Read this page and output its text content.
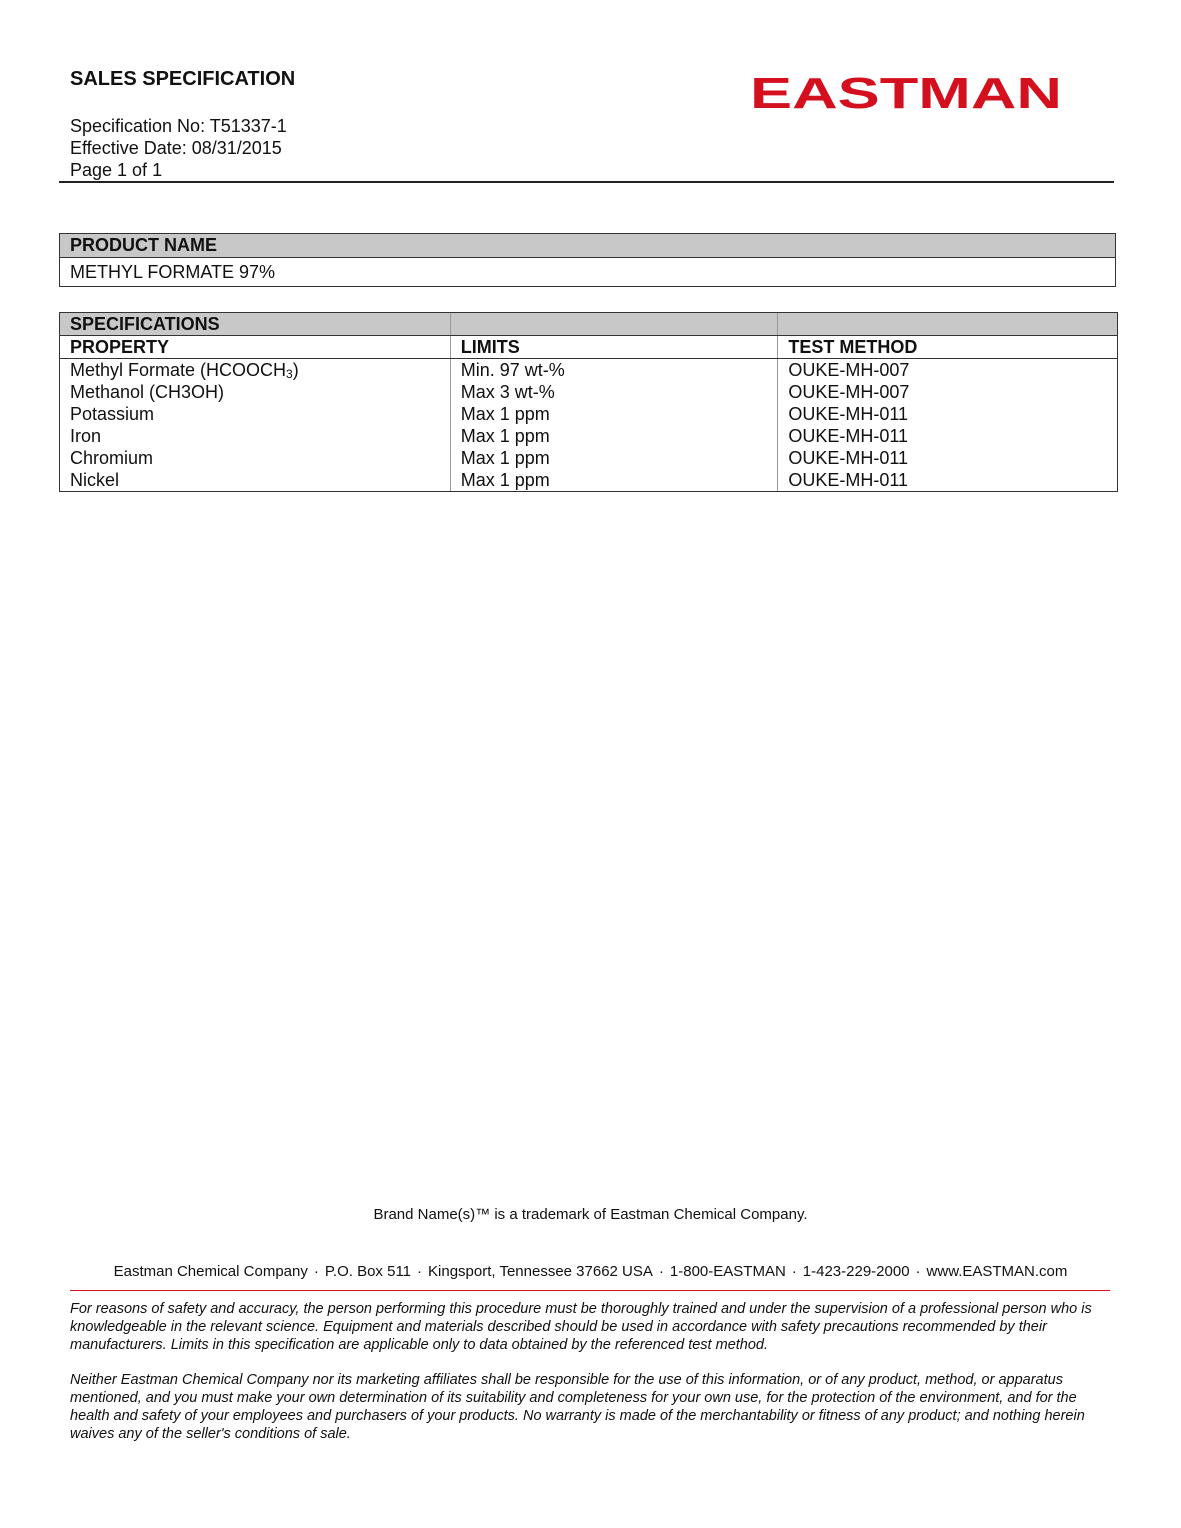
SALES SPECIFICATION
Specification No: T51337-1
Effective Date: 08/31/2015
Page 1 of 1
EASTMAN
PRODUCT NAME
METHYL FORMATE 97%
SPECIFICATIONS		
PROPERTY	LIMITS	TEST METHOD
Methyl Formate $(HCOOCH_3)$	Min. 97 wt-%	OUKE-MH-007
Methanol (CH3OH)	Max 3 wt-%	OUKE-MH-007
Potassium	Max 1 ppm	OUKE-MH-011
Iron	Max 1 ppm	OUKE-MH-011
Chromium	Max 1 ppm	OUKE-MH-011
Nickel	Max 1 ppm	OUKE-MH-011
Brand Name(s)™ is a trademark of Eastman Chemical Company.
Eastman Chemical Company · P.O. Box 511 · Kingsport, Tennessee 37662 USA · 1-800-EASTMAN · 1-423-229-2000 · www.EASTMAN.com
For reasons of safety and accuracy, the person performing this procedure must be thoroughly trained and under the supervision of a professional person who is knowledgeable in the relevant science. Equipment and materials described should be used in accordance with safety precautions recommended by their manufacturers. Limits in this specification are applicable only to data obtained by the referenced test method.
Neither Eastman Chemical Company nor its marketing affiliates shall be responsible for the use of this information, or of any product, method, or apparatus mentioned, and you must make your own determination of its suitability and completeness for your own use, for the protection of the environment, and for the health and safety of your employees and purchasers of your products. No warranty is made of the merchantability or fitness of any product; and nothing herein waives any of the seller's conditions of sale.
